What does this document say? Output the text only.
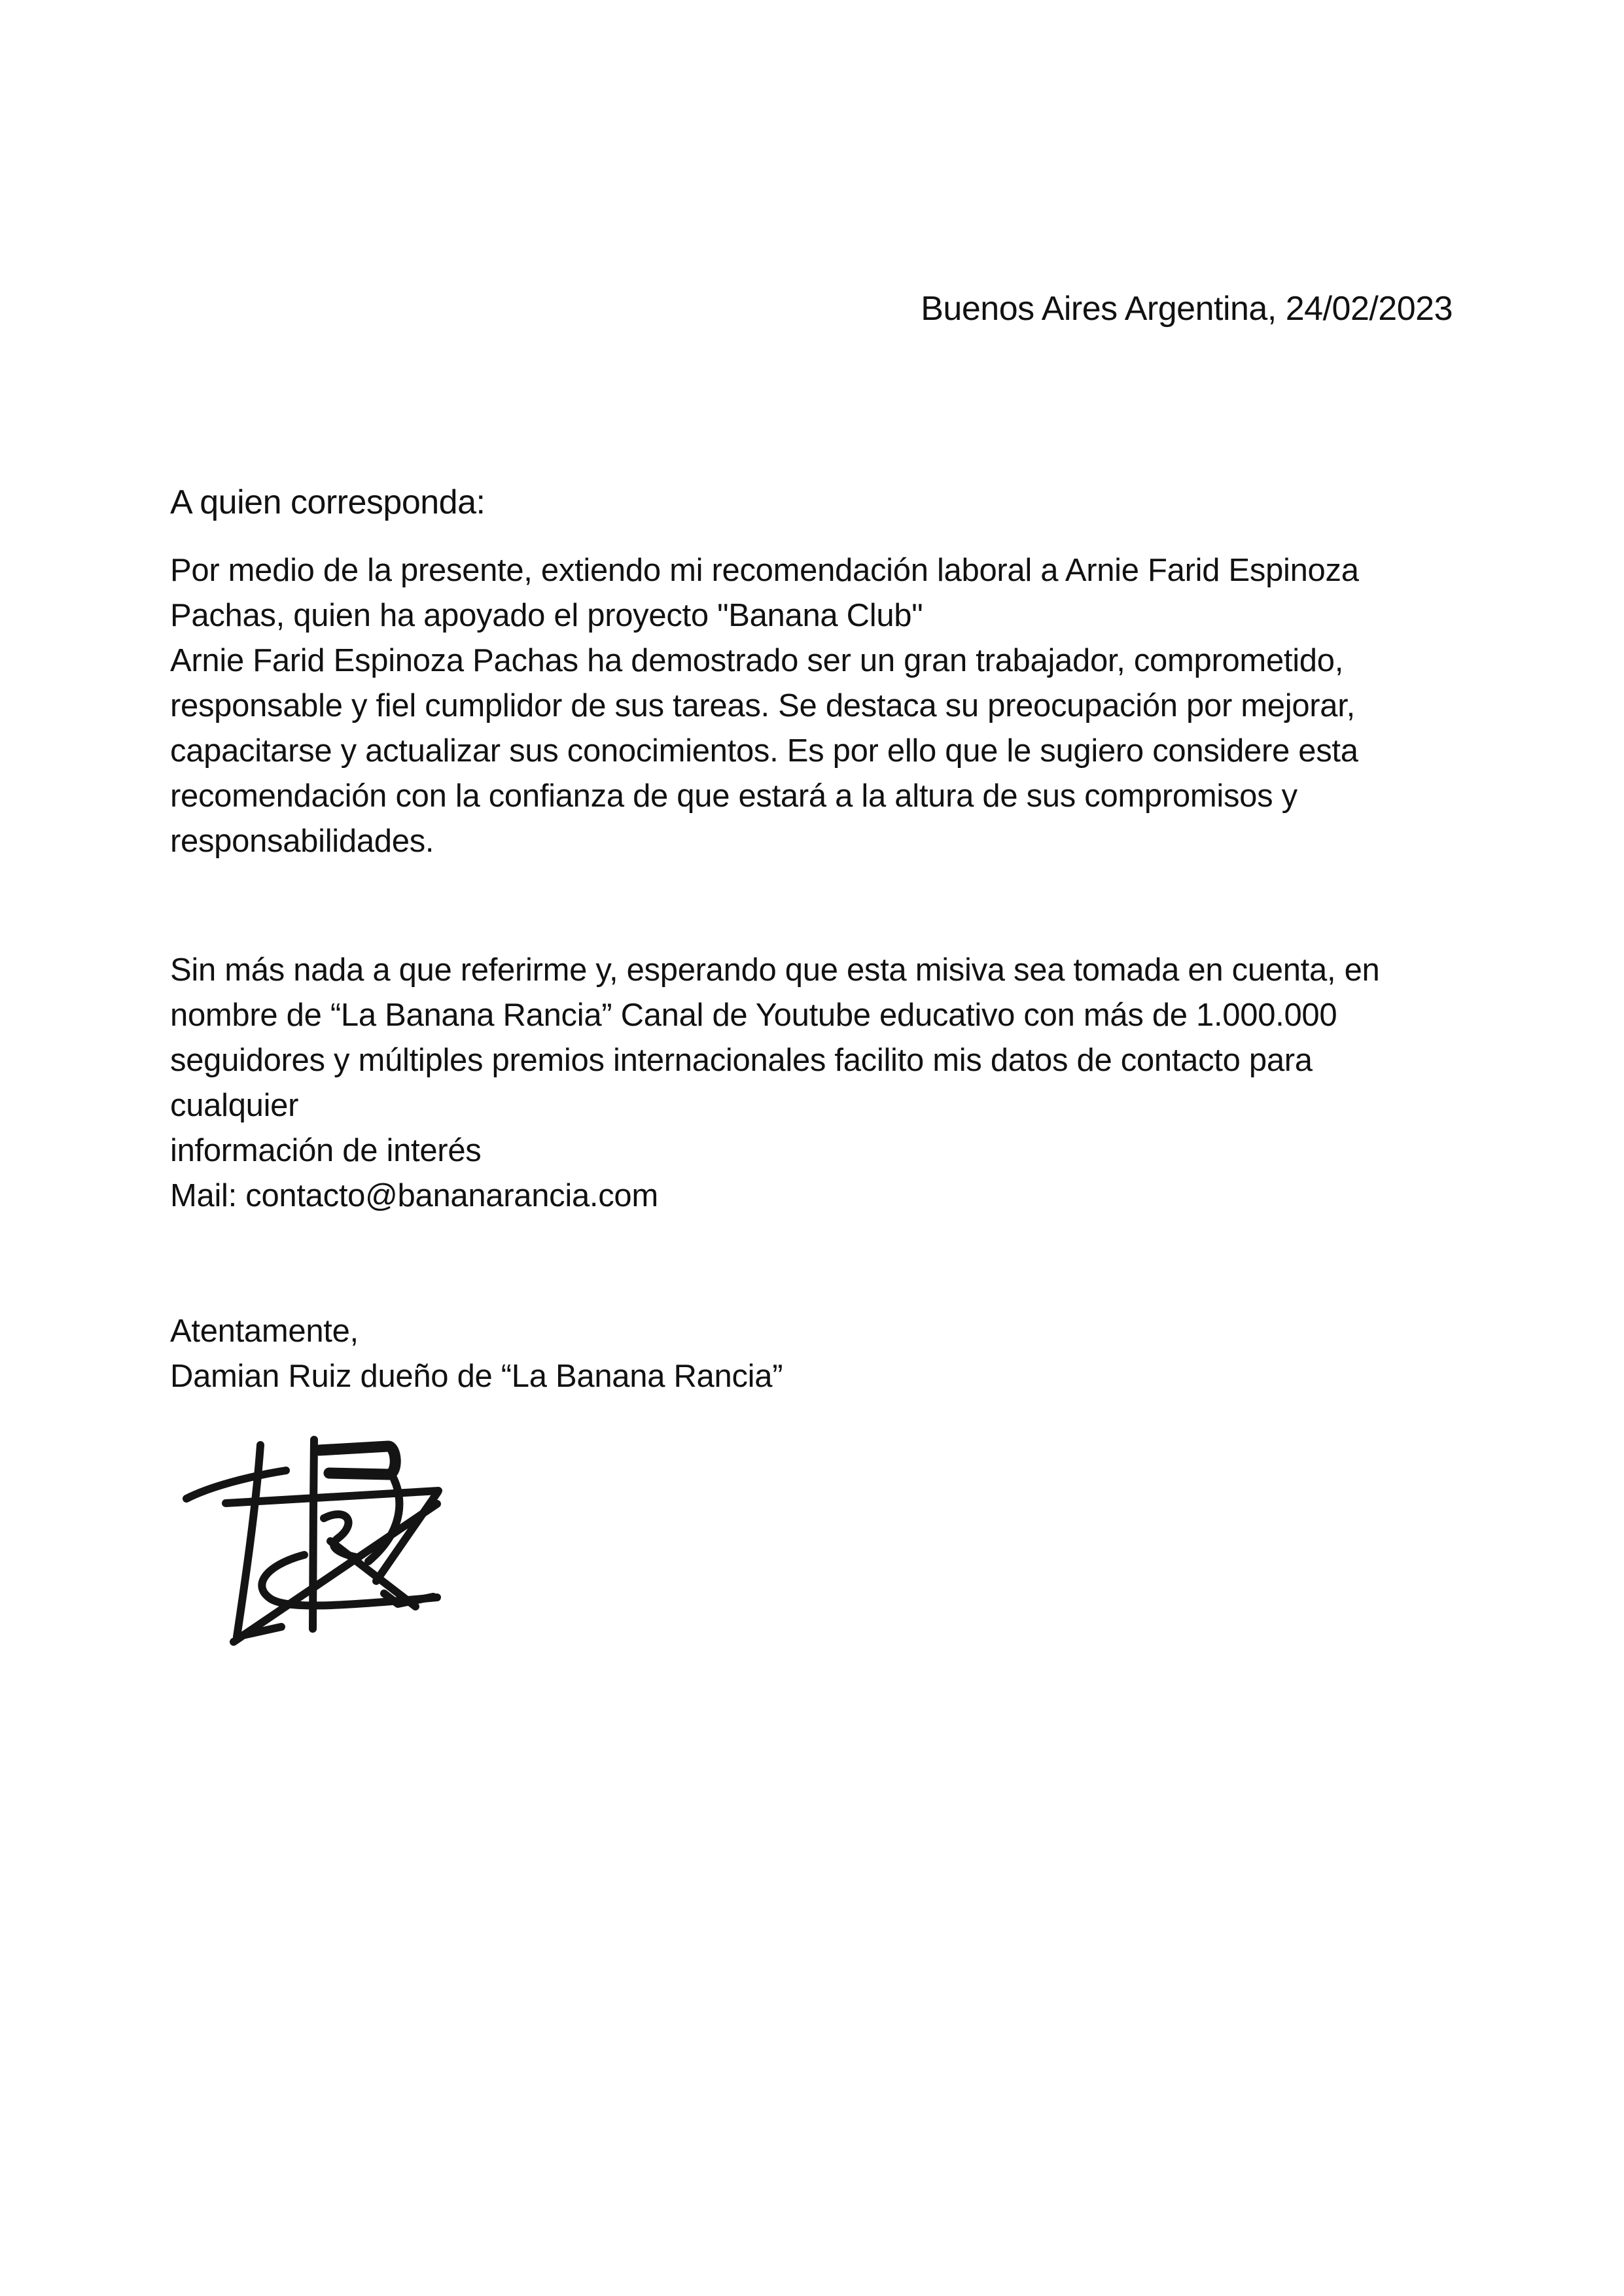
Buenos Aires Argentina, 24/02/2023
A quien corresponda:
Por medio de la presente, extiendo mi recomendación laboral a Arnie Farid Espinoza
Pachas, quien ha apoyado el proyecto "Banana Club"
Arnie Farid Espinoza Pachas ha demostrado ser un gran trabajador, comprometido,
responsable y fiel cumplidor de sus tareas. Se destaca su preocupación por mejorar,
capacitarse y actualizar sus conocimientos. Es por ello que le sugiero considere esta
recomendación con la confianza de que estará a la altura de sus compromisos y
responsabilidades.
Sin más nada a que referirme y, esperando que esta misiva sea tomada en cuenta, en
nombre de “La Banana Rancia” Canal de Youtube educativo con más de 1.000.000
seguidores y múltiples premios internacionales facilito mis datos de contacto para
cualquier
información de interés
Mail: contacto@bananarancia.com
Atentamente,
Damian Ruiz dueño de “La Banana Rancia”
